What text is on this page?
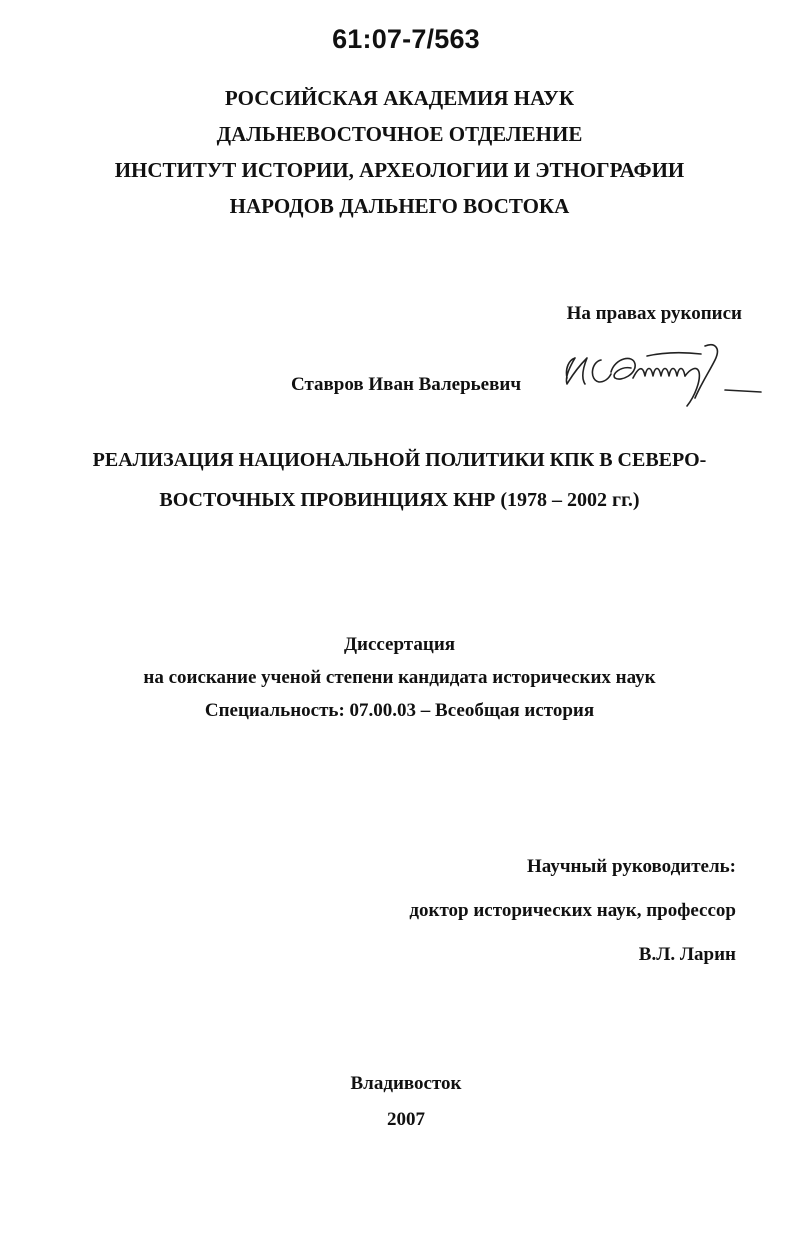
61:07-7/563
РОССИЙСКАЯ АКАДЕМИЯ НАУК
ДАЛЬНЕВОСТОЧНОЕ ОТДЕЛЕНИЕ
ИНСТИТУТ ИСТОРИИ, АРХЕОЛОГИИ И ЭТНОГРАФИИ
НАРОДОВ ДАЛЬНЕГО ВОСТОКА
На правах рукописи
Ставров Иван Валерьевич
РЕАЛИЗАЦИЯ НАЦИОНАЛЬНОЙ ПОЛИТИКИ КПК В СЕВЕРО-
ВОСТОЧНЫХ ПРОВИНЦИЯХ КНР (1978 – 2002 гг.)
Диссертация
на соискание ученой степени кандидата исторических наук
Специальность: 07.00.03 – Всеобщая история
Научный руководитель:
доктор исторических наук, профессор
В.Л. Ларин
Владивосток
2007
